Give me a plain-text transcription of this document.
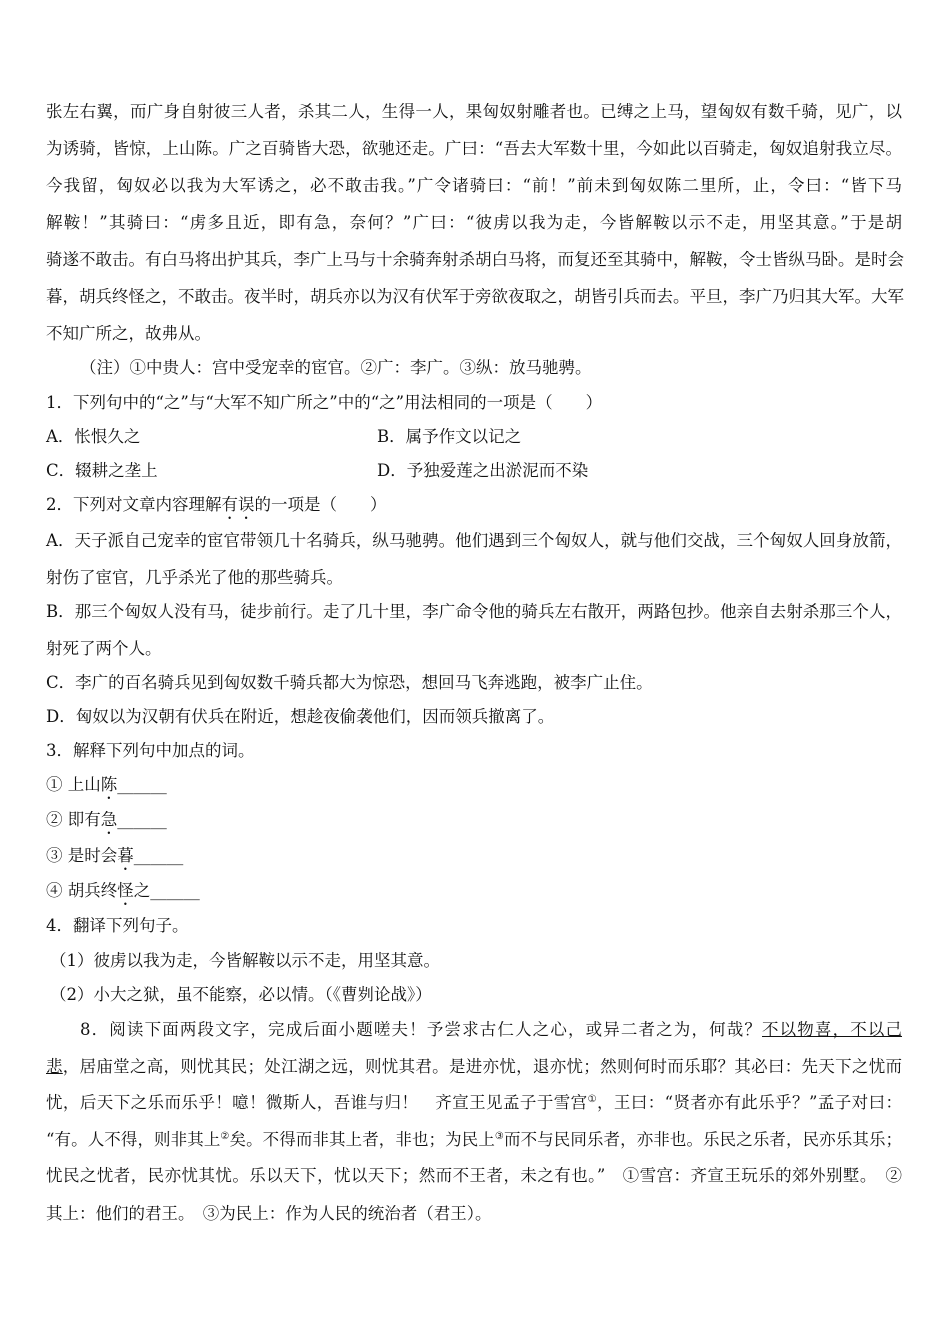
张左右翼，而广身自射彼三人者，杀其二人，生得一人，果匈奴射雕者也。已缚之上马，望匈奴有数千骑，见广，以
为诱骑，皆惊，上山陈。广之百骑皆大恐，欲驰还走。广曰：“吾去大军数十里，今如此以百骑走，匈奴追射我立尽。
今我留，匈奴必以我为大军诱之，必不敢击我。”广令诸骑曰：“前！”前未到匈奴陈二里所，止，令曰：“皆下马
解鞍！”其骑曰：“虏多且近，即有急，奈何？”广曰：“彼虏以我为走，今皆解鞍以示不走，用坚其意。”于是胡
骑遂不敢击。有白马将出护其兵，李广上马与十余骑奔射杀胡白马将，而复还至其骑中，解鞍，令士皆纵马卧。是时会
暮，胡兵终怪之，不敢击。夜半时，胡兵亦以为汉有伏军于旁欲夜取之，胡皆引兵而去。平旦，李广乃归其大军。大军
不知广所之，故弗从。
（注）①中贵人：宫中受宠幸的宦官。②广：李广。③纵：放马驰骋。
1．下列句中的“之”与“大军不知广所之”中的“之”用法相同的一项是（　　）
A．怅恨久之	B．属予作文以记之
C．辍耕之垄上	D．予独爱莲之出淤泥而不染
2．下列对文章内容理解有误的一项是（　　）
A．天子派自己宠幸的宦官带领几十名骑兵，纵马驰骋。他们遇到三个匈奴人，就与他们交战，三个匈奴人回身放箭，
射伤了宦官，几乎杀光了他的那些骑兵。
B．那三个匈奴人没有马，徒步前行。走了几十里，李广命令他的骑兵左右散开，两路包抄。他亲自去射杀那三个人，
射死了两个人。
C．李广的百名骑兵见到匈奴数千骑兵都大为惊恐，想回马飞奔逃跑，被李广止住。
D．匈奴以为汉朝有伏兵在附近，想趁夜偷袭他们，因而领兵撤离了。
3．解释下列句中加点的词。
① 上山陈______
② 即有急______
③ 是时会暮______
④ 胡兵终怪之______
4．翻译下列句子。
（1）彼虏以我为走，今皆解鞍以示不走，用坚其意。
（2）小大之狱，虽不能察，必以情。（《曹刿论战》）
8．阅读下面两段文字，完成后面小题嗟夫！予尝求古仁人之心，或异二者之为，何哉？不以物喜，不以己
悲，居庙堂之高，则忧其民；处江湖之远，则忧其君。是进亦忧，退亦忧；然则何时而乐耶？其必曰：先天下之忧而
忧，后天下之乐而乐乎！噫！微斯人，吾谁与归！　齐宣王见孟子于雪宫①，王曰：“贤者亦有此乐乎？”孟子对曰：
“有。人不得，则非其上②矣。不得而非其上者，非也；为民上③而不与民同乐者，亦非也。乐民之乐者，民亦乐其乐；
忧民之忧者，民亦忧其忧。乐以天下，忧以天下；然而不王者，未之有也。”　①雪宫：齐宣王玩乐的郊外别墅。　②
其上：他们的君王。　③为民上：作为人民的统治者（君王）。
